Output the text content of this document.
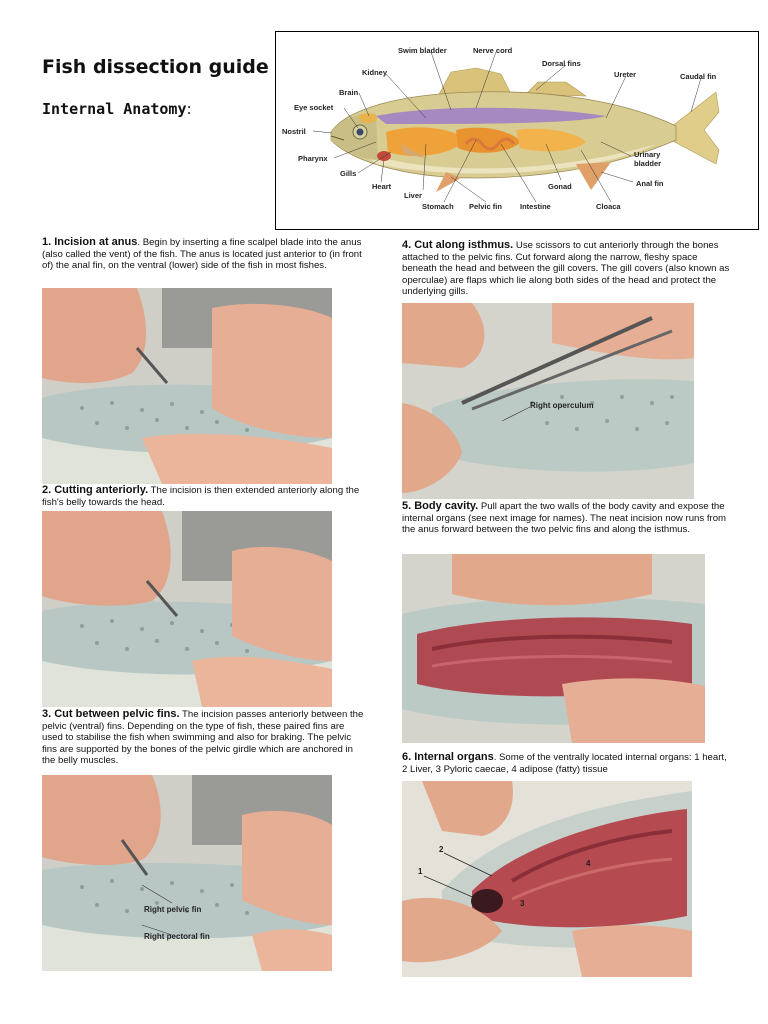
Fish dissection guide
Internal Anatomy:
Swim bladder	Nerve cord
Dorsal fins
Kidney	Ureter	Caudal fin
Brain
Eye socket
Nostril
Pharynx
Gills
Heart
Liver
Stomach Pelvic fin Intestine
Gonad
Cloaca
Urinary
bladder
Anal fin
1. Incision at anus. Begin by inserting a fine scalpel blade into the anus (also called the vent) of the fish. The anus is located just anterior to (in front of) the anal fin, on the ventral (lower) side of the fish in most fishes.
2. Cutting anteriorly. The incision is then extended anteriorly along the fish's belly towards the head.
3. Cut between pelvic fins. The incision passes anteriorly between the pelvic (ventral) fins. Depending on the type of fish, these paired fins are used to stabilise the fish when swimming and also for braking. The pelvic fins are supported by the bones of the pelvic girdle which are anchored in the belly muscles.
Right pelvic fin
Right pectoral fin
4. Cut along isthmus. Use scissors to cut anteriorly through the bones attached to the pelvic fins. Cut forward along the narrow, fleshy space beneath the head and between the gill covers. The gill covers (also known as operculae) are flaps which lie along both sides of the head and protect the underlying gills.
Right operculum
5. Body cavity. Pull apart the two walls of the body cavity and expose the internal organs (see next image for names). The neat incision now runs from the anus forward between the two pelvic fins and along the isthmus.
6. Internal organs. Some of the ventrally located internal organs: 1 heart, 2 Liver, 3 Pyloric caecae, 4 adipose (fatty) tissue
1
2
3
4
